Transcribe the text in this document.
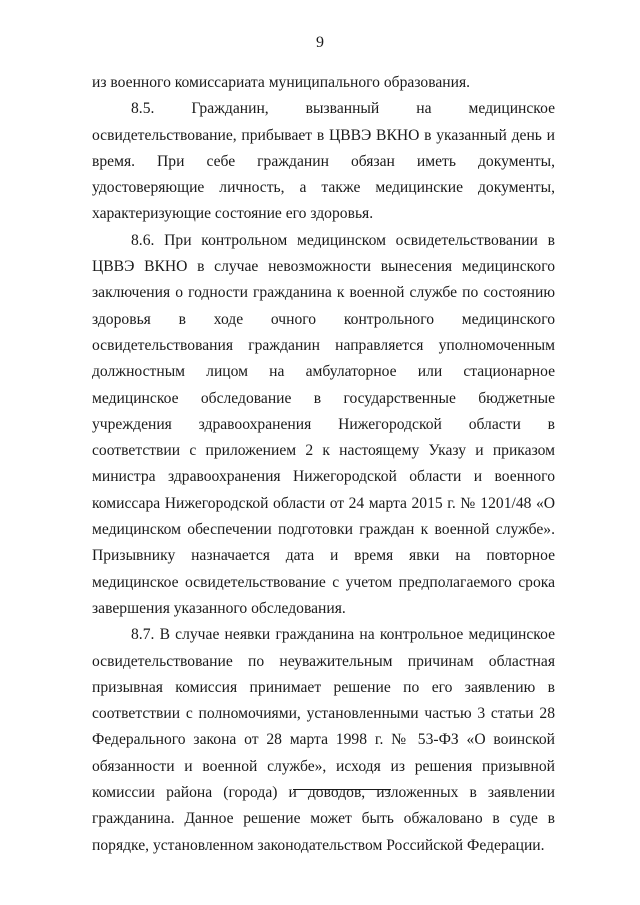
9

из военного комиссариата муниципального образования.

8.5. Гражданин, вызванный на медицинское освидетельствование, прибывает в ЦВВЭ ВКНО в указанный день и время. При себе гражданин обязан иметь документы, удостоверяющие личность, а также медицинские документы, характеризующие состояние его здоровья.

8.6. При контрольном медицинском освидетельствовании в ЦВВЭ ВКНО в случае невозможности вынесения медицинского заключения о годности гражданина к военной службе по состоянию здоровья в ходе очного контрольного медицинского освидетельствования гражданин направляется уполномоченным должностным лицом на амбулаторное или стационарное медицинское обследование в государственные бюджетные учреждения здравоохранения Нижегородской области в соответствии с приложением 2 к настоящему Указу и приказом министра здравоохранения Нижегородской области и военного комиссара Нижегородской области от 24 марта 2015 г. № 1201/48 «О медицинском обеспечении подготовки граждан к военной службе». Призывнику назначается дата и время явки на повторное медицинское освидетельствование с учетом предполагаемого срока завершения указанного обследования.

8.7. В случае неявки гражданина на контрольное медицинское освидетельствование по неуважительным причинам областная призывная комиссия принимает решение по его заявлению в соответствии с полномочиями, установленными частью 3 статьи 28 Федерального закона от 28 марта 1998 г. № 53-ФЗ «О воинской обязанности и военной службе», исходя из решения призывной комиссии района (города) и доводов, изложенных в заявлении гражданина. Данное решение может быть обжаловано в суде в порядке, установленном законодательством Российской Федерации.
